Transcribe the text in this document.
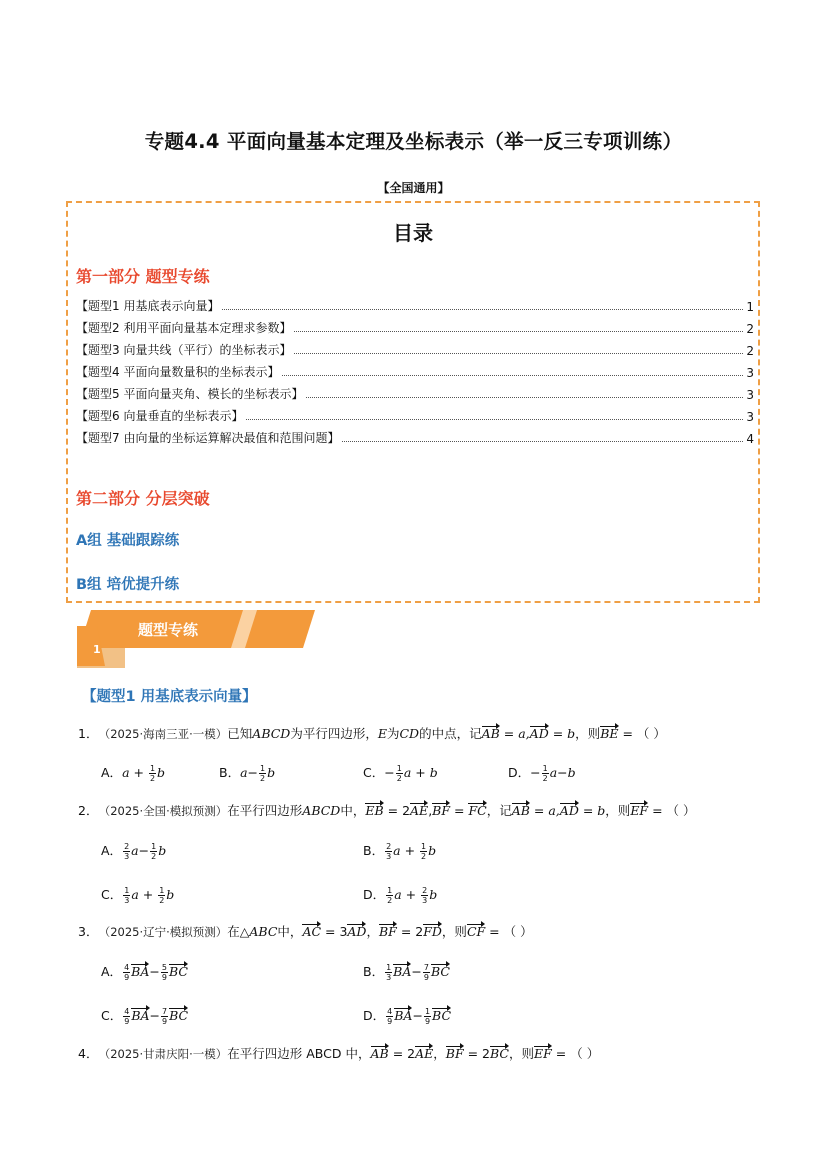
专题4.4 平面向量基本定理及坐标表示（举一反三专项训练）
【全国通用】
目录
第一部分 题型专练
【题型1 用基底表示向量】	1
【题型2 利用平面向量基本定理求参数】	2
【题型3 向量共线（平行）的坐标表示】	2
【题型4 平面向量数量积的坐标表示】	3
【题型5 平面向量夹角、模长的坐标表示】	3
【题型6 向量垂直的坐标表示】	3
【题型7 由向量的坐标运算解决最值和范围问题】	4
第二部分 分层突破
A组 基础跟踪练
B组 培优提升练
题型专练
1
【题型1 用基底表示向量】
1． （2025·海南三亚·一模）已知ABCD为平行四边形，E为CD的中点，记AB = a,AD = b，则BE = （ ）
A．$a + \frac{1}{2}$ b	B．$a- \frac{1}{2}$ b	C．− $\frac{1}{2}$ a + b	D．− $\frac{1}{2} a-b$
2． （2025·全国·模拟预测）在平行四边形ABCD中，EB = 2AE,BF = FC，记AB = a,AD = b，则EF = （ ）
A． $\frac{2}{3} a- \frac{1}{2}$ b	B． $\frac{2}{3}$ $a + \frac{1}{2}$ b
C． $\frac{1}{3}$ $a + \frac{1}{2}$ b	D． $\frac{1}{2}$ $a + \frac{2}{3}$ b
3． （2025·辽宁·模拟预测）在△ABC中，AC = 3AD，BF = 2FD，则CF = （ ）
A． $\frac{4}{9} BA- \frac{5}{9}$ BC	B． $\frac{1}{3} BA- \frac{7}{9}$ BC
C． $\frac{4}{9} BA- \frac{7}{9}$ BC	D． $\frac{4}{9} BA- \frac{1}{9}$ BC
4． （2025·甘肃庆阳·一模）在平行四边形 ABCD 中，AB = 2AE，BF = 2BC，则EF = （ ）
